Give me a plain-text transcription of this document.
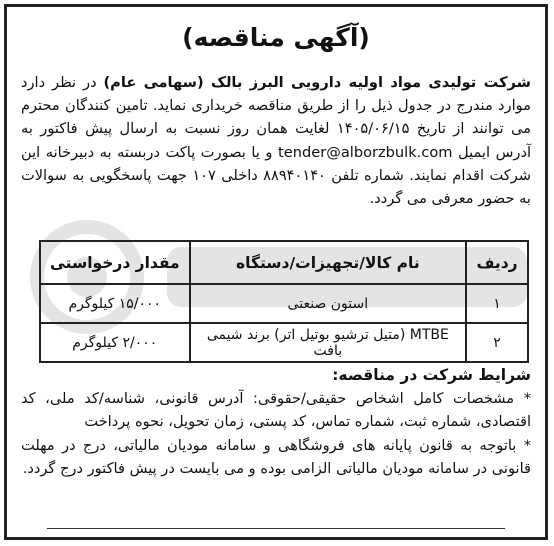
(آگهی مناقصه)
شرکت تولیدی مواد اولیه دارویی البرز بالک (سهامی عام) در نظر دارد موارد مندرج در جدول ذیل را از طریق مناقصه خریداری نماید. تامین کنندگان محترم می توانند از تاریخ ۱۴۰۵/۰۶/۱۵ لغایت همان روز نسبت به ارسال پیش فاکتور به آدرس ایمیل tender@alborzbulk.com و یا بصورت پاکت دربسته به دبیرخانه این شرکت اقدام نمایند. شماره تلفن ۸۸۹۴۰۱۴۰ داخلی ۱۰۷ جهت پاسخگویی به سوالات به حضور معرفی می گردد.
ردیف	نام کالا/تجهیزات/دستگاه	مقدار درخواستی
۱	استون صنعتی	۱۵/۰۰۰ کیلوگرم
۲	MTBE (متیل ترشیو بوتیل اتر) برند شیمی بافت	۲/۰۰۰ کیلوگرم
شرایط شرکت در مناقصه:
* مشخصات کامل اشخاص حقیقی/حقوقی: آدرس قانونی، شناسه/کد ملی، کد اقتصادی، شماره ثبت، شماره تماس، کد پستی، زمان تحویل، نحوه پرداخت
* باتوجه به قانون پایانه های فروشگاهی و سامانه مودیان مالیاتی، درج در مهلت قانونی در سامانه مودیان مالیاتی الزامی بوده و می بایست در پیش فاکتور درج گردد.
